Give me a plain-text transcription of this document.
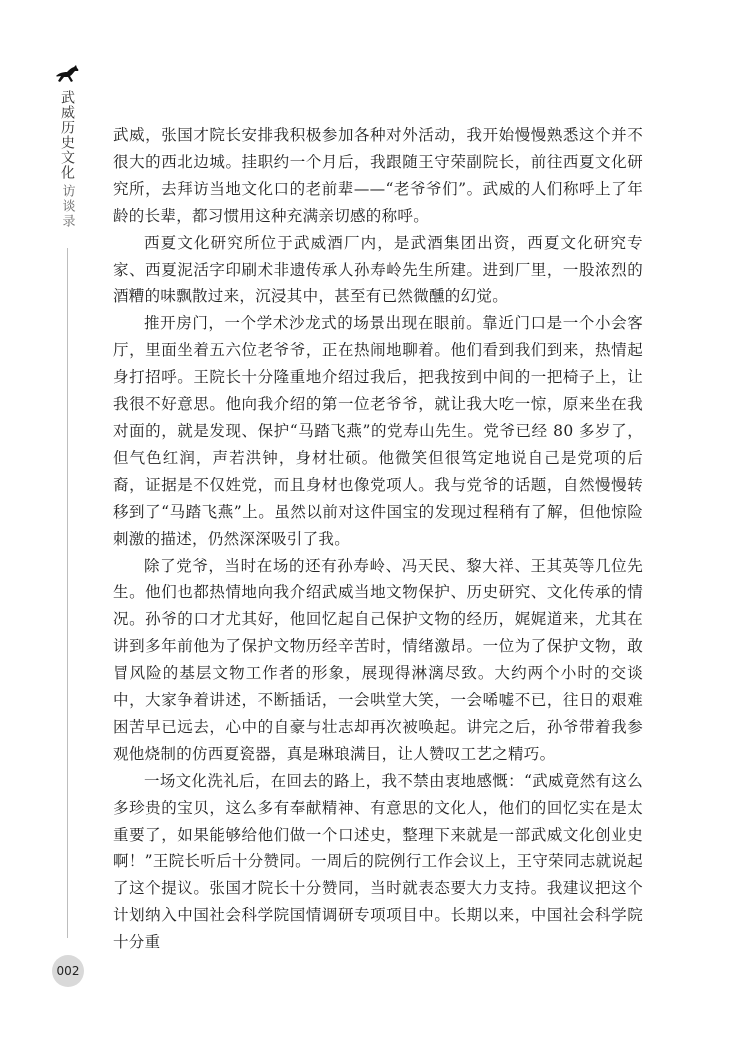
武威历史文化
访谈录
002

武威，张国才院长安排我积极参加各种对外活动，我开始慢慢熟悉这个并不很大的西北边城。挂职约一个月后，我跟随王守荣副院长，前往西夏文化研究所，去拜访当地文化口的老前辈——“老爷爷们”。武威的人们称呼上了年龄的长辈，都习惯用这种充满亲切感的称呼。

西夏文化研究所位于武威酒厂内，是武酒集团出资，西夏文化研究专家、西夏泥活字印刷术非遗传承人孙寿岭先生所建。进到厂里，一股浓烈的酒糟的味飘散过来，沉浸其中，甚至有已然微醺的幻觉。

推开房门，一个学术沙龙式的场景出现在眼前。靠近门口是一个小会客厅，里面坐着五六位老爷爷，正在热闹地聊着。他们看到我们到来，热情起身打招呼。王院长十分隆重地介绍过我后，把我按到中间的一把椅子上，让我很不好意思。他向我介绍的第一位老爷爷，就让我大吃一惊，原来坐在我对面的，就是发现、保护“马踏飞燕”的党寿山先生。党爷已经 80 多岁了，但气色红润，声若洪钟，身材壮硕。他微笑但很笃定地说自己是党项的后裔，证据是不仅姓党，而且身材也像党项人。我与党爷的话题，自然慢慢转移到了“马踏飞燕”上。虽然以前对这件国宝的发现过程稍有了解，但他惊险刺激的描述，仍然深深吸引了我。

除了党爷，当时在场的还有孙寿岭、冯天民、黎大祥、王其英等几位先生。他们也都热情地向我介绍武威当地文物保护、历史研究、文化传承的情况。孙爷的口才尤其好，他回忆起自己保护文物的经历，娓娓道来，尤其在讲到多年前他为了保护文物历经辛苦时，情绪激昂。一位为了保护文物，敢冒风险的基层文物工作者的形象，展现得淋漓尽致。大约两个小时的交谈中，大家争着讲述，不断插话，一会哄堂大笑，一会唏嘘不已，往日的艰难困苦早已远去，心中的自豪与壮志却再次被唤起。讲完之后，孙爷带着我参观他烧制的仿西夏瓷器，真是琳琅满目，让人赞叹工艺之精巧。

一场文化洗礼后，在回去的路上，我不禁由衷地感慨：“武威竟然有这么多珍贵的宝贝，这么多有奉献精神、有意思的文化人，他们的回忆实在是太重要了，如果能够给他们做一个口述史，整理下来就是一部武威文化创业史啊！”王院长听后十分赞同。一周后的院例行工作会议上，王守荣同志就说起了这个提议。张国才院长十分赞同，当时就表态要大力支持。我建议把这个计划纳入中国社会科学院国情调研专项项目中。长期以来，中国社会科学院十分重
